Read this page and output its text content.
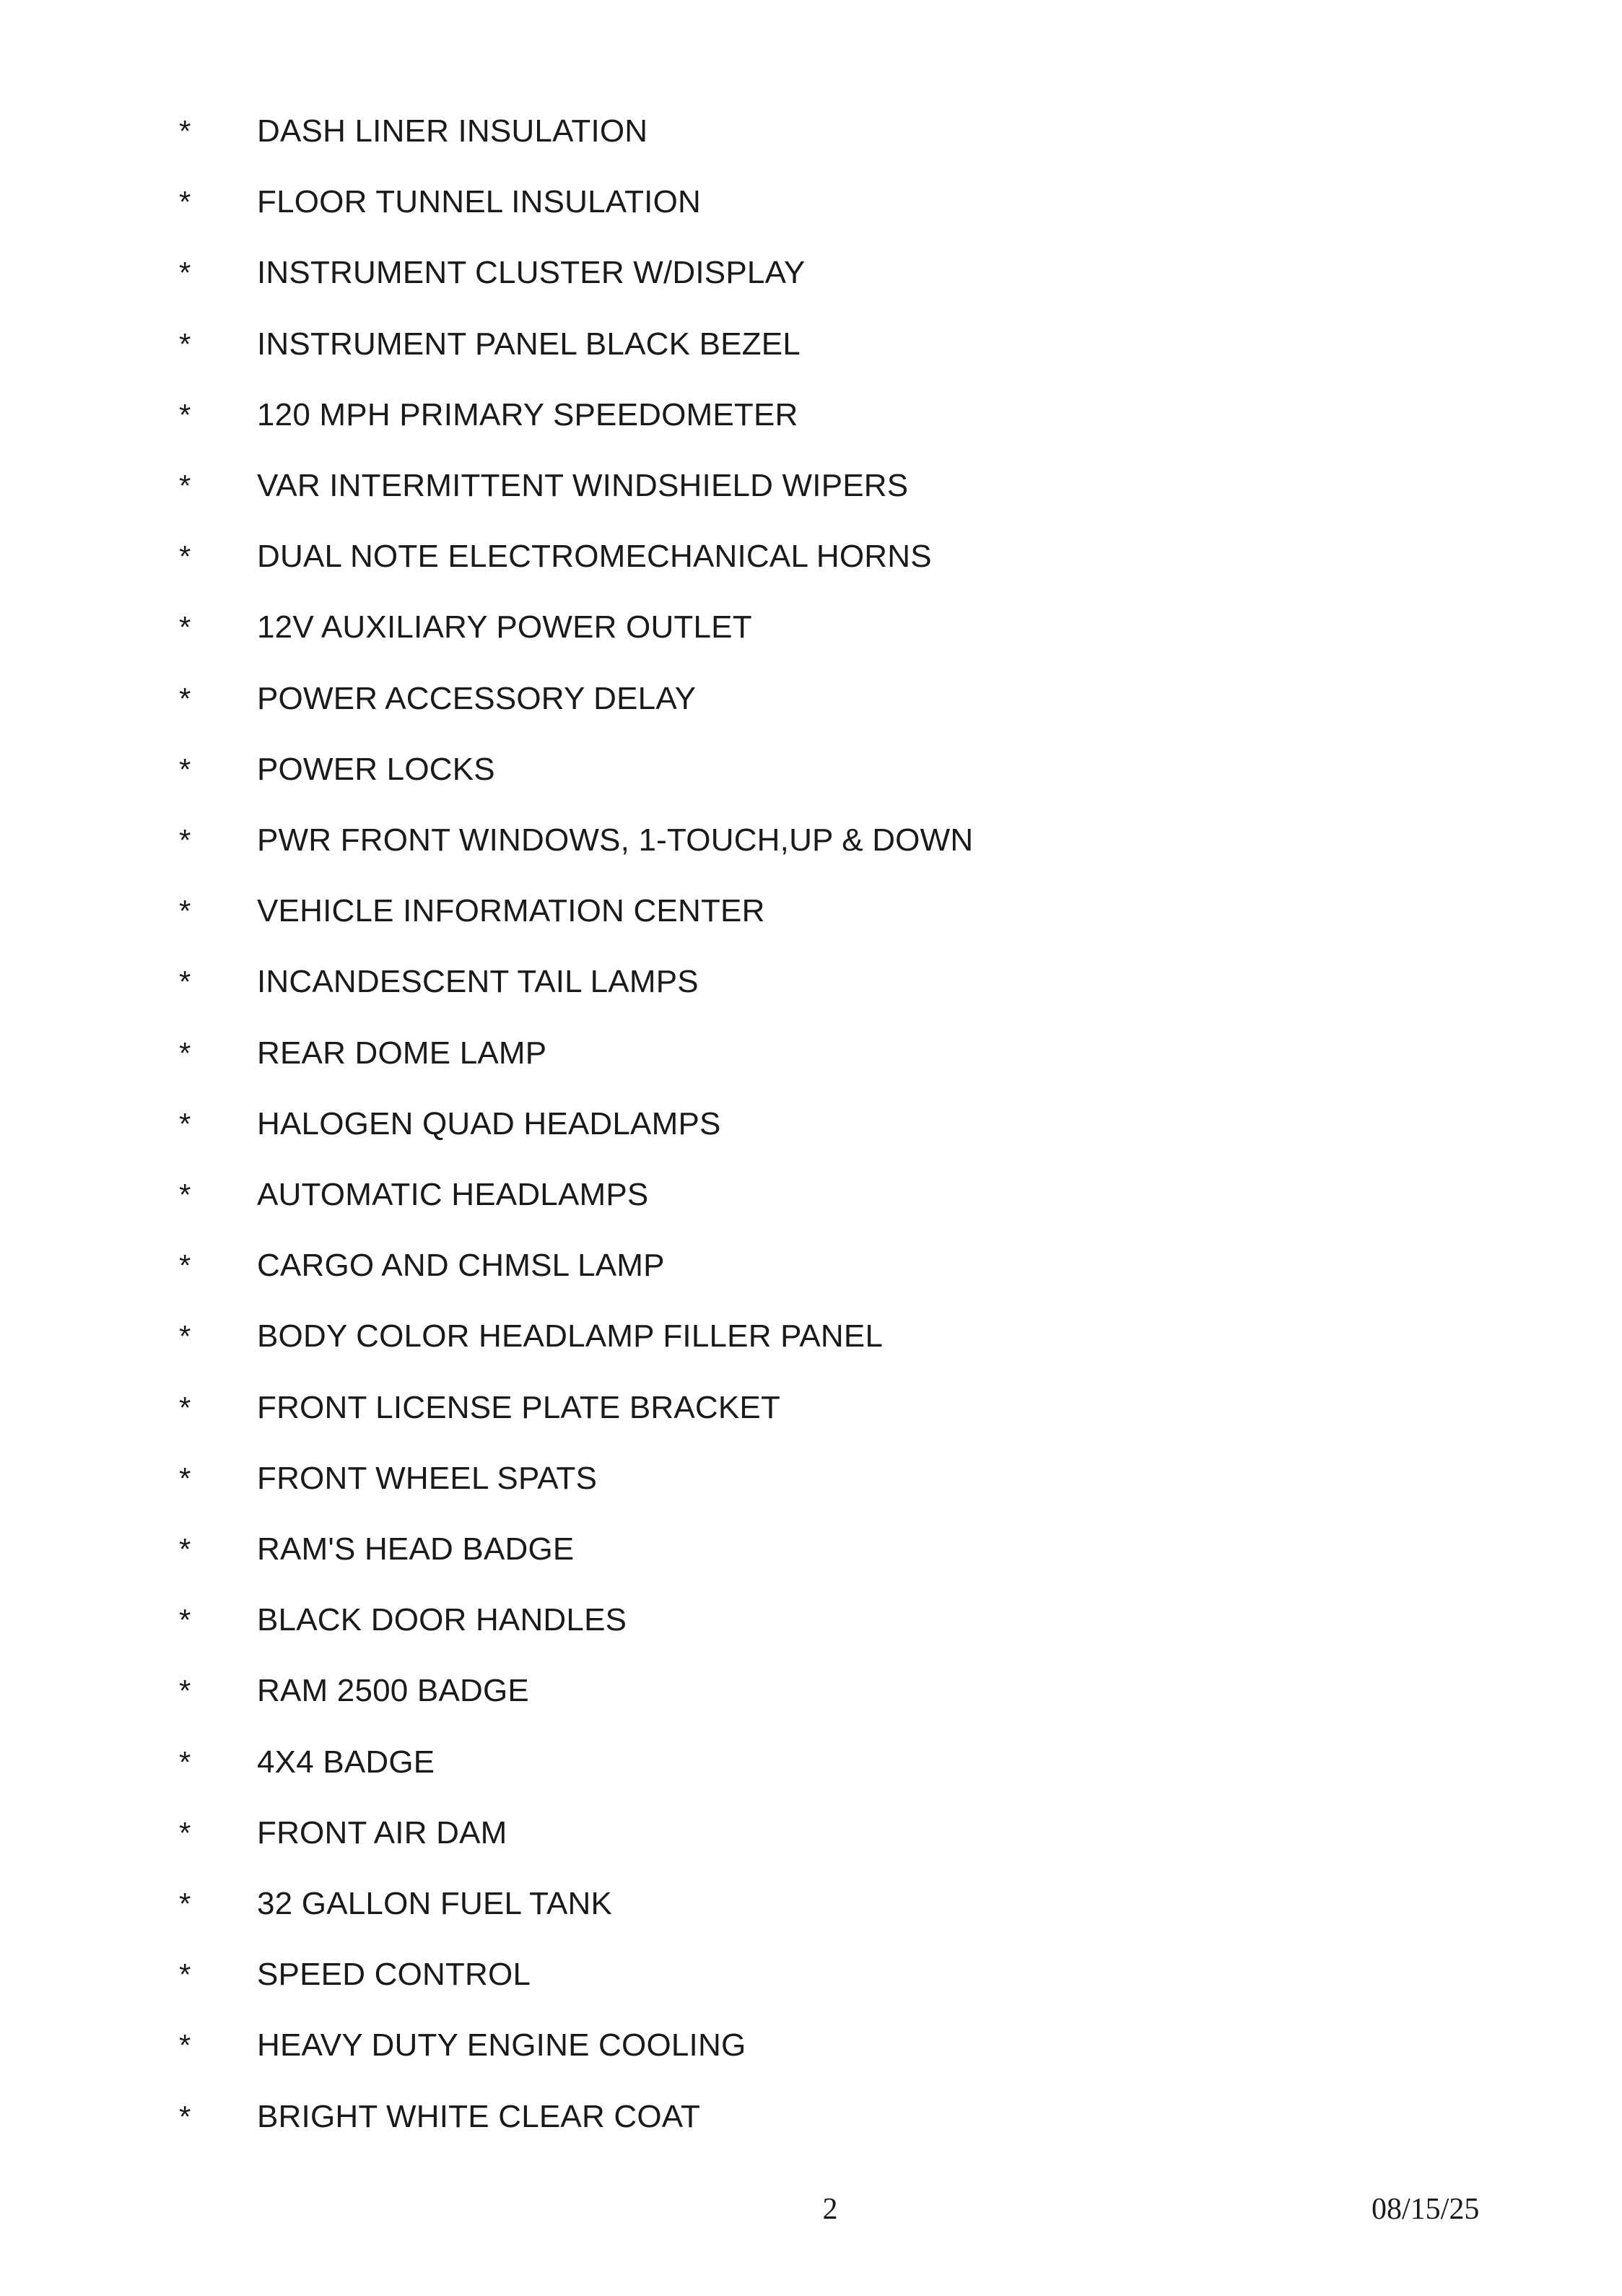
* DASH LINER INSULATION
* FLOOR TUNNEL INSULATION
* INSTRUMENT CLUSTER W/DISPLAY
* INSTRUMENT PANEL BLACK BEZEL
* 120 MPH PRIMARY SPEEDOMETER
* VAR INTERMITTENT WINDSHIELD WIPERS
* DUAL NOTE ELECTROMECHANICAL HORNS
* 12V AUXILIARY POWER OUTLET
* POWER ACCESSORY DELAY
* POWER LOCKS
* PWR FRONT WINDOWS, 1-TOUCH,UP & DOWN
* VEHICLE INFORMATION CENTER
* INCANDESCENT TAIL LAMPS
* REAR DOME LAMP
* HALOGEN QUAD HEADLAMPS
* AUTOMATIC HEADLAMPS
* CARGO AND CHMSL LAMP
* BODY COLOR HEADLAMP FILLER PANEL
* FRONT LICENSE PLATE BRACKET
* FRONT WHEEL SPATS
* RAM'S HEAD BADGE
* BLACK DOOR HANDLES
* RAM 2500 BADGE
* 4X4 BADGE
* FRONT AIR DAM
* 32 GALLON FUEL TANK
* SPEED CONTROL
* HEAVY DUTY ENGINE COOLING
* BRIGHT WHITE CLEAR COAT
2	08/15/25
